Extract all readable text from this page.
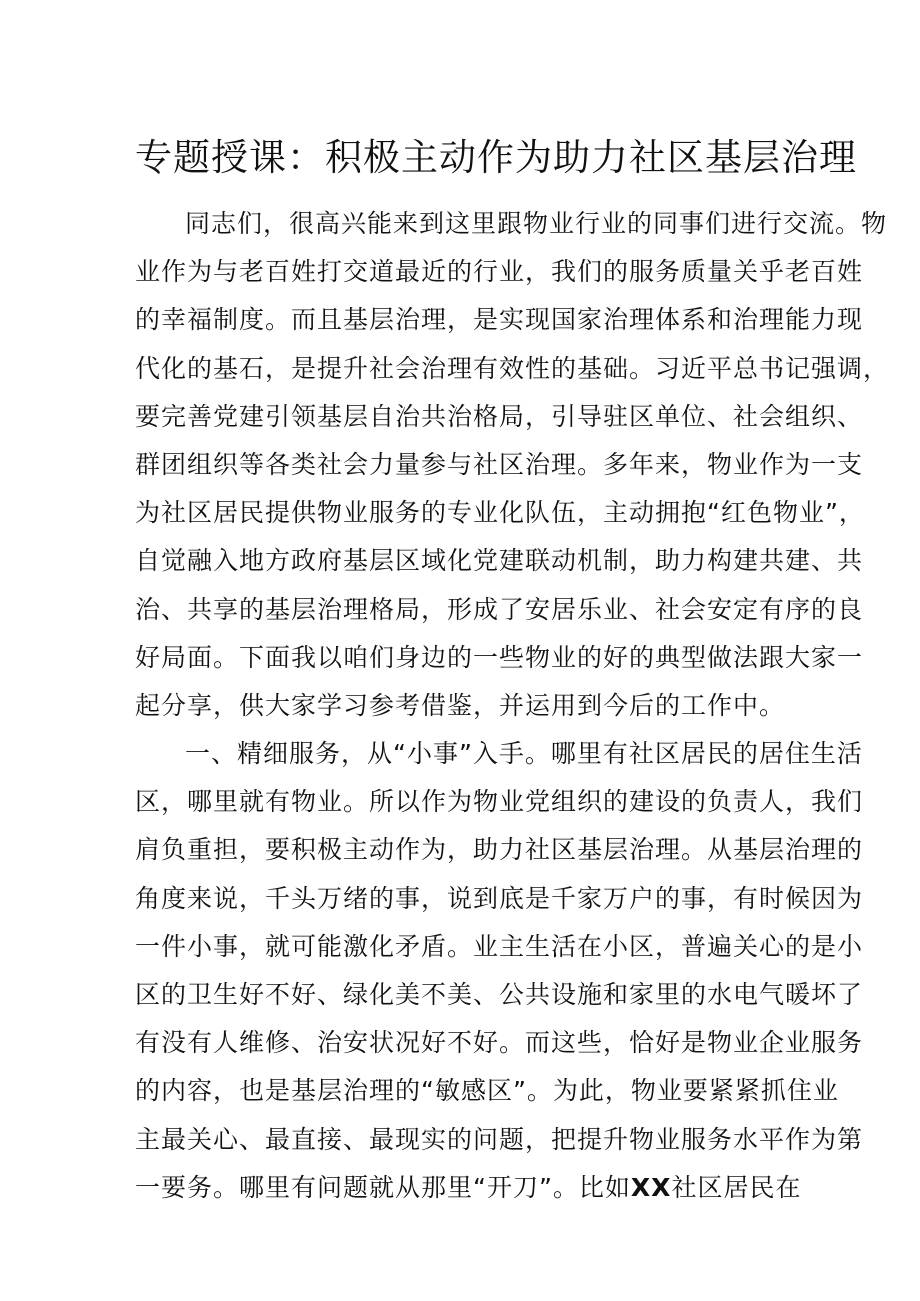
专题授课：积极主动作为助力社区基层治理

同志们，很高兴能来到这里跟物业行业的同事们进行交流。物

业作为与老百姓打交道最近的行业，我们的服务质量关乎老百姓

的幸福制度。而且基层治理，是实现国家治理体系和治理能力现

代化的基石，是提升社会治理有效性的基础。习近平总书记强调，

要完善党建引领基层自治共治格局，引导驻区单位、社会组织、

群团组织等各类社会力量参与社区治理。多年来，物业作为一支

为社区居民提供物业服务的专业化队伍，主动拥抱“红色物业”，

自觉融入地方政府基层区域化党建联动机制，助力构建共建、共

治、共享的基层治理格局，形成了安居乐业、社会安定有序的良

好局面。下面我以咱们身边的一些物业的好的典型做法跟大家一

起分享，供大家学习参考借鉴，并运用到今后的工作中。

一、精细服务，从“小事”入手。哪里有社区居民的居住生活

区，哪里就有物业。所以作为物业党组织的建设的负责人，我们

肩负重担，要积极主动作为，助力社区基层治理。从基层治理的

角度来说，千头万绪的事，说到底是千家万户的事，有时候因为

一件小事，就可能激化矛盾。业主生活在小区，普遍关心的是小

区的卫生好不好、绿化美不美、公共设施和家里的水电气暖坏了

有没有人维修、治安状况好不好。而这些，恰好是物业企业服务

的内容，也是基层治理的“敏感区”。为此，物业要紧紧抓住业

主最关心、最直接、最现实的问题，把提升物业服务水平作为第

一要务。哪里有问题就从那里“开刀”。比如XX社区居民在
